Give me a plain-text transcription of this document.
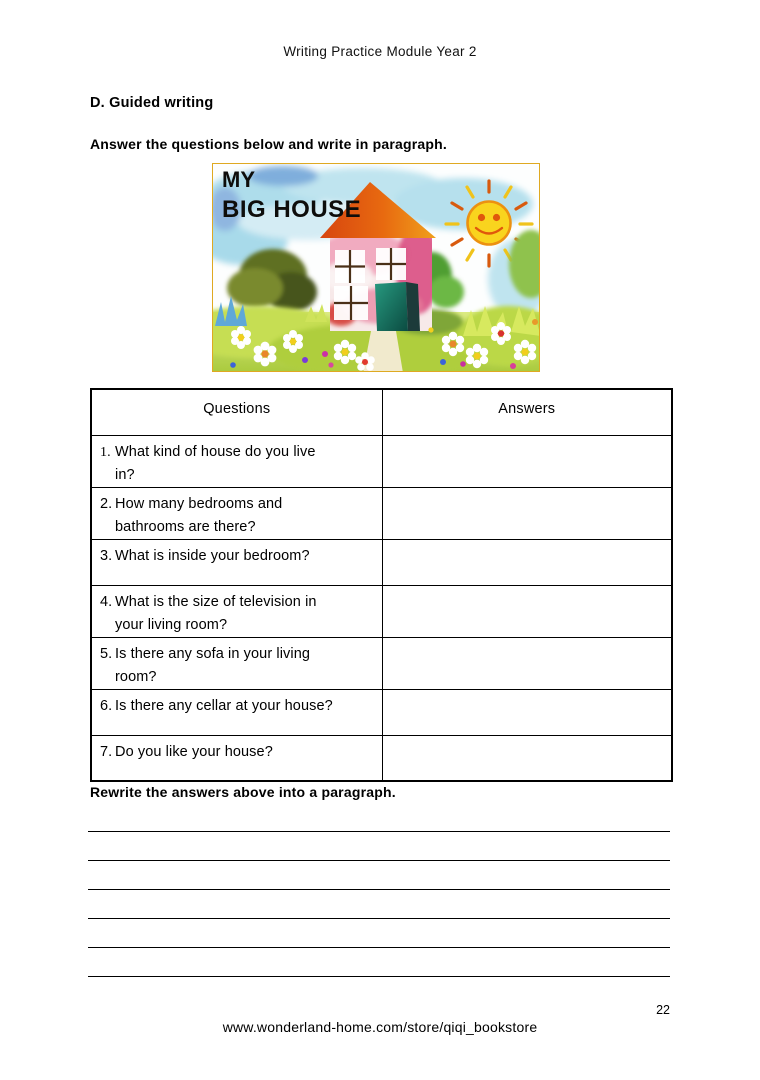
Writing Practice Module Year 2
D. Guided writing
Answer the questions below and write in paragraph.
MY
BIG HOUSE
Questions	Answers

1. What kind of house do you live in?	

2. How many bedrooms and bathrooms are there?	

3. What is inside your bedroom?	

4. What is the size of television in your living room?	

5. Is there any sofa in your living room?	

6. Is there any cellar at your house?	

7. Do you like your house?	
Rewrite the answers above into a paragraph.
22
www.wonderland-home.com/store/qiqi_bookstore
